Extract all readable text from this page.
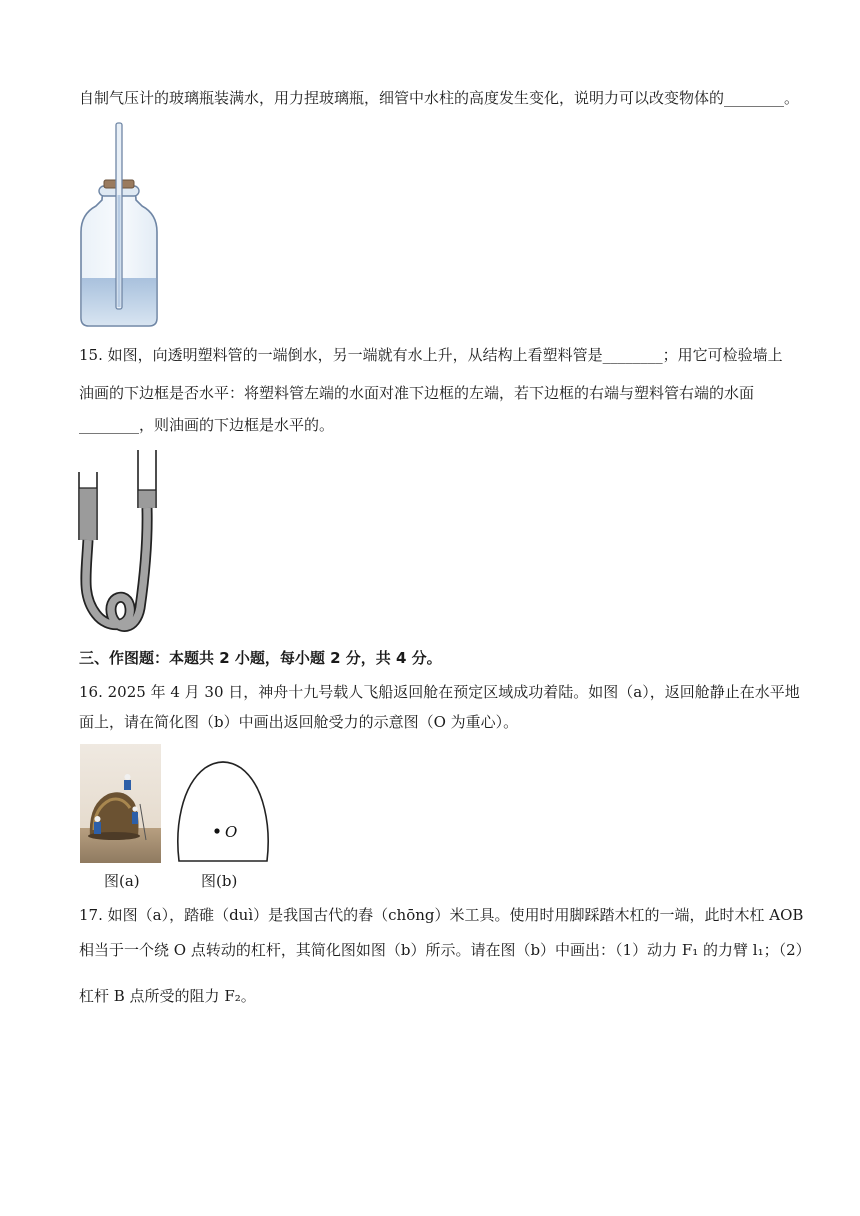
自制气压计的玻璃瓶装满水，用力捏玻璃瓶，细管中水柱的高度发生变化，说明力可以改变物体的________。
15. 如图，向透明塑料管的一端倒水，另一端就有水上升，从结构上看塑料管是________；用它可检验墙上
油画的下边框是否水平：将塑料管左端的水面对准下边框的左端，若下边框的右端与塑料管右端的水面
________，则油画的下边框是水平的。
三、作图题：本题共 2 小题，每小题 2 分，共 4 分。
16. 2025 年 4 月 30 日，神舟十九号载人飞船返回舱在预定区域成功着陆。如图（a），返回舱静止在水平地
面上，请在简化图（b）中画出返回舱受力的示意图（O 为重心）。
O
图(a)	图(b)
17. 如图（a），踏碓（duì）是我国古代的舂（chōng）米工具。使用时用脚踩踏木杠的一端，此时木杠 AOB
相当于一个绕 O 点转动的杠杆，其简化图如图（b）所示。请在图（b）中画出：（1）动力 F₁ 的力臂 l₁；（2）
杠杆 B 点所受的阻力 F₂。
